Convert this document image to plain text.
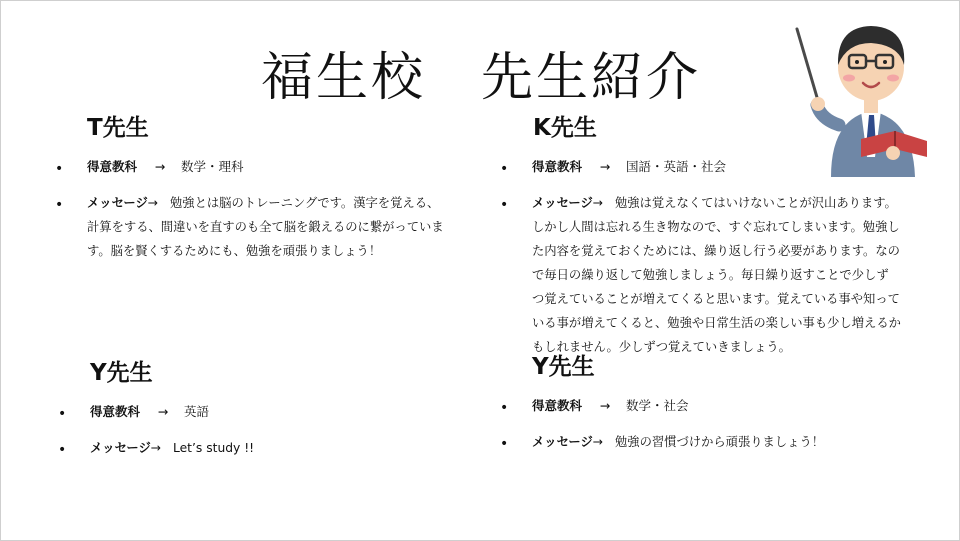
福生校　先生紹介
T先生
• 得意教科 → 数学・理科
• メッセージ→ 勉強とは脳のトレーニングです。漢字を覚える、
計算をする、間違いを直すのも全て脳を鍛えるのに繋がっていま
す。脳を賢くするためにも、勉強を頑張りましょう！
K先生
• 得意教科 → 国語・英語・社会
• メッセージ→ 勉強は覚えなくてはいけないことが沢山あります。
しかし人間は忘れる生き物なので、すぐ忘れてしまいます。勉強し
た内容を覚えておくためには、繰り返し行う必要があります。なの
で毎日の繰り返して勉強しましょう。毎日繰り返すことで少しず
つ覚えていることが増えてくると思います。覚えている事や知って
いる事が増えてくると、勉強や日常生活の楽しい事も少し増えるか
もしれません。少しずつ覚えていきましょう。
Y先生
• 得意教科 → 英語
• メッセージ→ Let’s study !!
Y先生
• 得意教科 → 数学・社会
• メッセージ→ 勉強の習慣づけから頑張りましょう！
